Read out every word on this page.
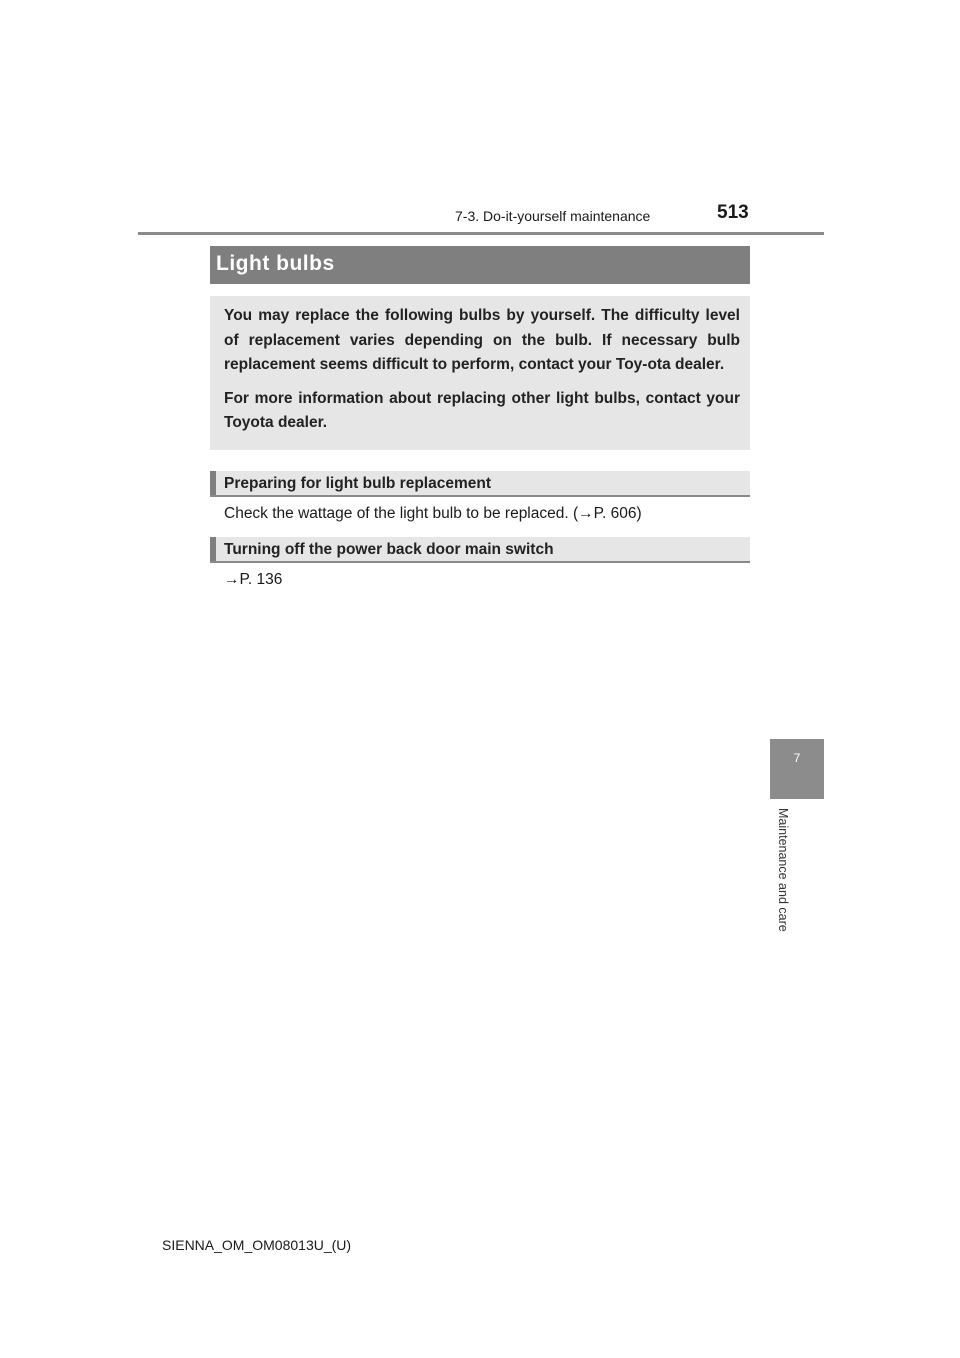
7-3. Do-it-yourself maintenance	513
Light bulbs

You may replace the following bulbs by yourself. The difficulty level of replacement varies depending on the bulb. If necessary bulb replacement seems difficult to perform, contact your Toy-ota dealer.

For more information about replacing other light bulbs, contact your Toyota dealer.

Preparing for light bulb replacement
Check the wattage of the light bulb to be replaced. (→P. 606)
Turning off the power back door main switch
→P. 136
7
Maintenance and care
SIENNA_OM_OM08013U_(U)
